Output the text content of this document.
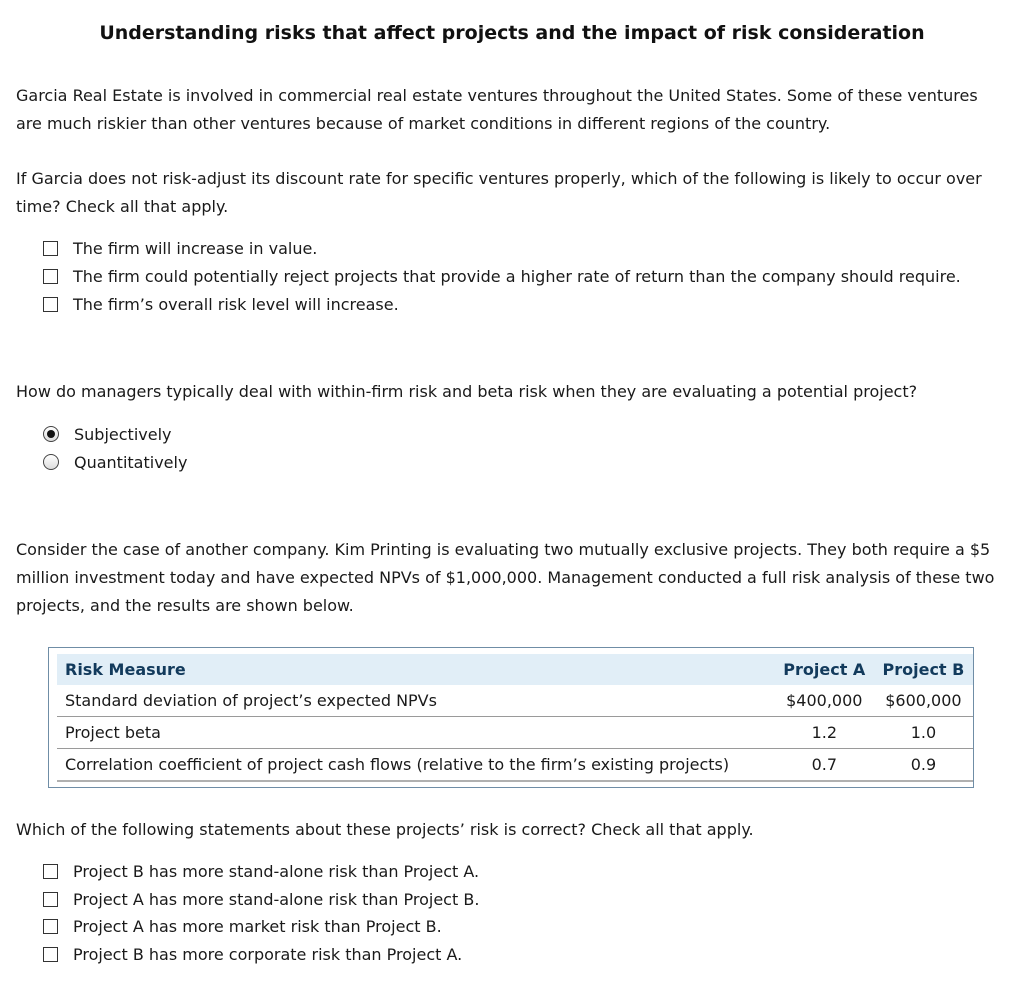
Understanding risks that affect projects and the impact of risk consideration

Garcia Real Estate is involved in commercial real estate ventures throughout the United States. Some of these ventures are much riskier than other ventures because of market conditions in different regions of the country.

If Garcia does not risk-adjust its discount rate for specific ventures properly, which of the following is likely to occur over time? Check all that apply.

The firm will increase in value.
The firm could potentially reject projects that provide a higher rate of return than the company should require.
The firm’s overall risk level will increase.

How do managers typically deal with within-firm risk and beta risk when they are evaluating a potential project?

Subjectively
Quantitatively

Consider the case of another company. Kim Printing is evaluating two mutually exclusive projects. They both require a $5 million investment today and have expected NPVs of $1,000,000. Management conducted a full risk analysis of these two projects, and the results are shown below.

Risk Measure	Project A	Project B
Standard deviation of project’s expected NPVs	$400,000	$600,000
Project beta	1.2	1.0
Correlation coefficient of project cash flows (relative to the firm’s existing projects)	0.7	0.9

Which of the following statements about these projects’ risk is correct? Check all that apply.

Project B has more stand-alone risk than Project A.
Project A has more stand-alone risk than Project B.
Project A has more market risk than Project B.
Project B has more corporate risk than Project A.
